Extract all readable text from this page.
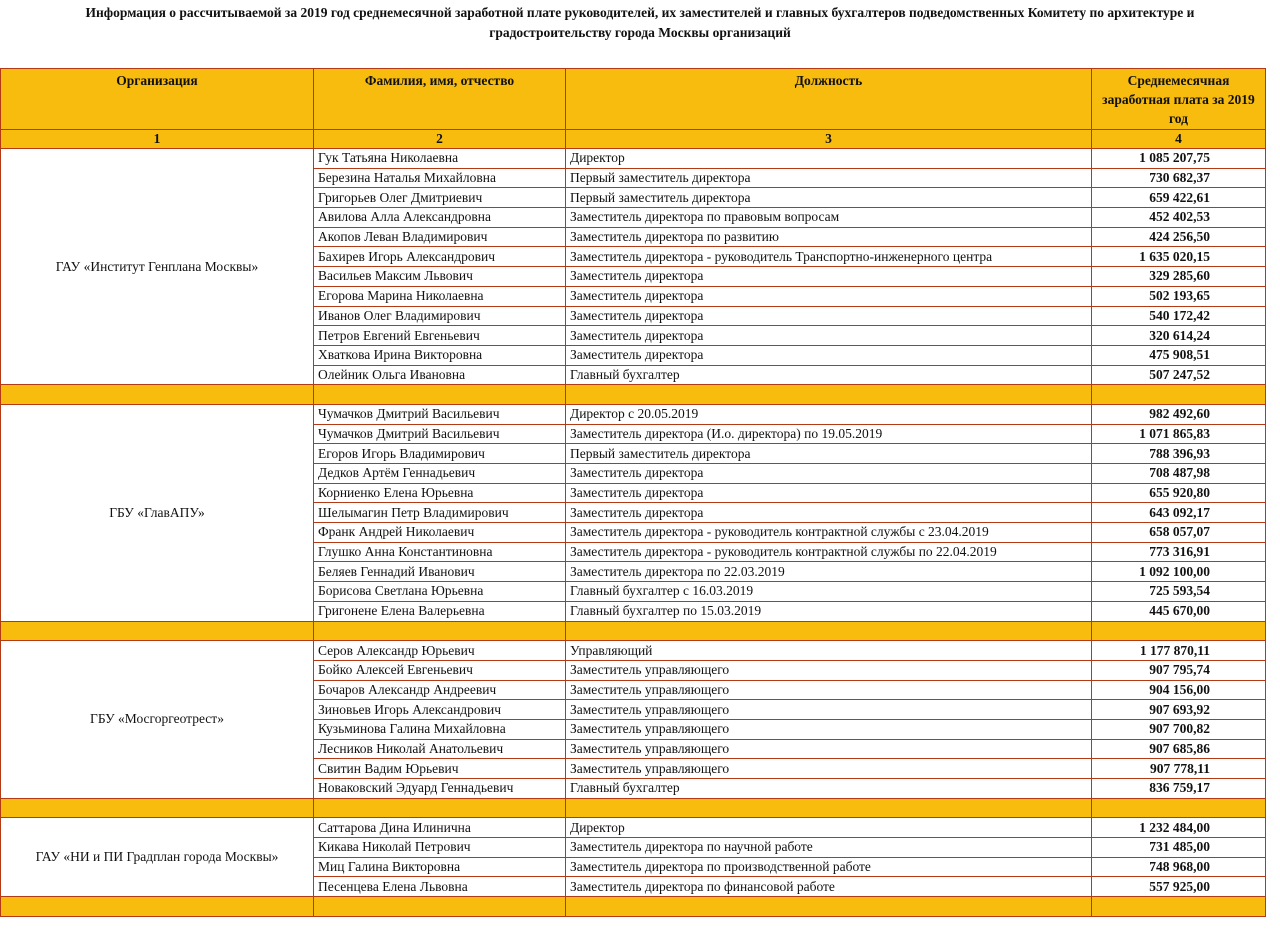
Информация о рассчитываемой за 2019 год среднемесячной заработной плате руководителей, их заместителей и главных бухгалтеров подведомственных Комитету по архитектуре и
градостроительству города Москвы организаций
Организация	Фамилия, имя, отчество	Должность	Среднемесячная заработная плата за 2019 год
1	2	3	4
ГАУ «Институт Генплана Москвы»	Гук Татьяна Николаевна	Директор	1 085 207,75
	Березина Наталья Михайловна	Первый заместитель директора	730 682,37
	Григорьев Олег Дмитриевич	Первый заместитель директора	659 422,61
	Авилова Алла Александровна	Заместитель директора по правовым вопросам	452 402,53
	Акопов Леван Владимирович	Заместитель директора по развитию	424 256,50
	Бахирев Игорь Александрович	Заместитель директора - руководитель Транспортно-инженерного центра	1 635 020,15
	Васильев Максим Львович	Заместитель директора	329 285,60
	Егорова Марина Николаевна	Заместитель директора	502 193,65
	Иванов Олег Владимирович	Заместитель директора	540 172,42
	Петров Евгений Евгеньевич	Заместитель директора	320 614,24
	Хваткова Ирина Викторовна	Заместитель директора	475 908,51
	Олейник Ольга Ивановна	Главный бухгалтер	507 247,52

ГБУ «ГлавАПУ»	Чумачков Дмитрий Васильевич	Директор с 20.05.2019	982 492,60
	Чумачков Дмитрий Васильевич	Заместитель директора (И.о. директора) по 19.05.2019	1 071 865,83
	Егоров Игорь Владимирович	Первый заместитель директора	788 396,93
	Дедков Артём Геннадьевич	Заместитель директора	708 487,98
	Корниенко Елена Юрьевна	Заместитель директора	655 920,80
	Шелымагин Петр Владимирович	Заместитель директора	643 092,17
	Франк Андрей Николаевич	Заместитель директора - руководитель контрактной службы с 23.04.2019	658 057,07
	Глушко Анна Константиновна	Заместитель директора - руководитель контрактной службы по 22.04.2019	773 316,91
	Беляев Геннадий Иванович	Заместитель директора по 22.03.2019	1 092 100,00
	Борисова Светлана Юрьевна	Главный бухгалтер с 16.03.2019	725 593,54
	Григонене Елена Валерьевна	Главный бухгалтер по 15.03.2019	445 670,00

ГБУ «Мосгоргеотрест»	Серов Александр Юрьевич	Управляющий	1 177 870,11
	Бойко Алексей Евгеньевич	Заместитель управляющего	907 795,74
	Бочаров Александр Андреевич	Заместитель управляющего	904 156,00
	Зиновьев Игорь Александрович	Заместитель управляющего	907 693,92
	Кузьминова Галина Михайловна	Заместитель управляющего	907 700,82
	Лесников Николай Анатольевич	Заместитель управляющего	907 685,86
	Свитин Вадим Юрьевич	Заместитель управляющего	907 778,11
	Новаковский Эдуард Геннадьевич	Главный бухгалтер	836 759,17

ГАУ «НИ и ПИ Градплан города Москвы»	Саттарова Дина Илинична	Директор	1 232 484,00
	Кикава Николай Петрович	Заместитель директора по научной работе	731 485,00
	Миц Галина Викторовна	Заместитель директора по производственной работе	748 968,00
	Песенцева Елена Львовна	Заместитель директора по финансовой работе	557 925,00
